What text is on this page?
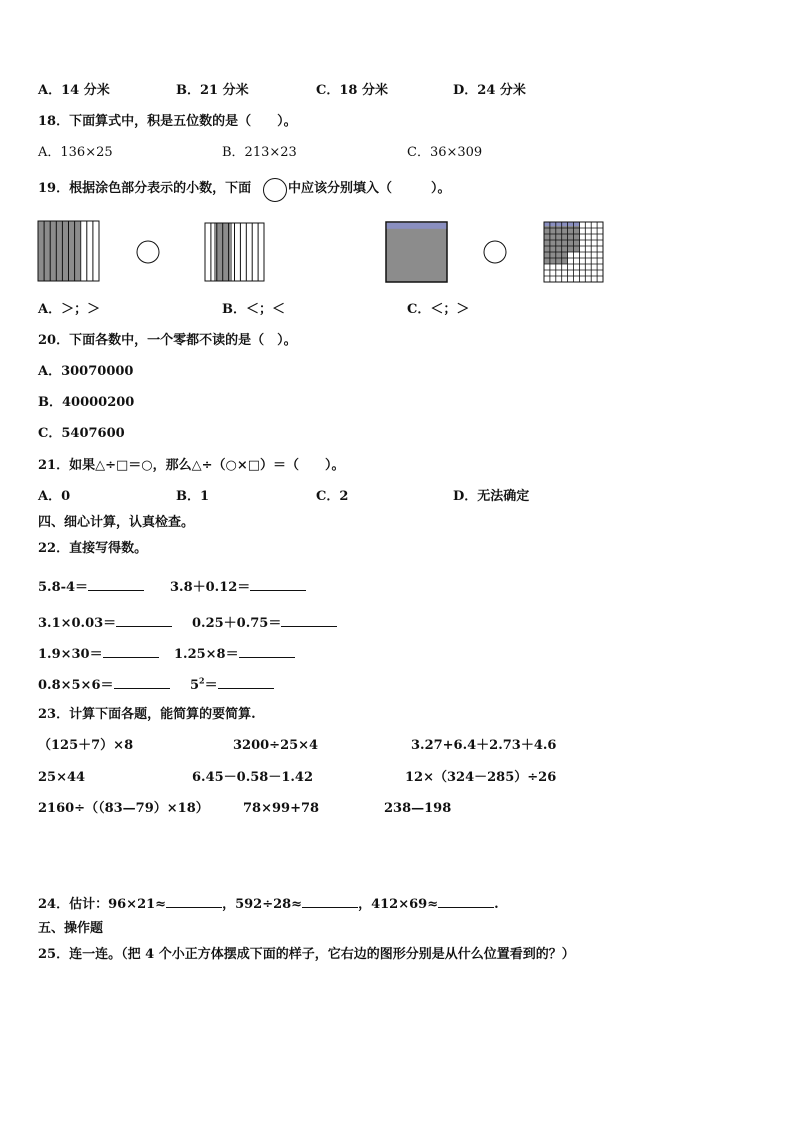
A．14 分米	B．21 分米	C．18 分米	D．24 分米
18．下面算式中，积是五位数的是（　　）。
A．136×25	B．213×23	C．36×309
19．根据涂色部分表示的小数，下面	中应该分别填入（　　　）。
A．＞；＞	B．＜；＜	C．＜；＞
20．下面各数中，一个零都不读的是（　）。
A．30070000
B．40000200
C．5407600
21．如果△÷□＝○，那么△÷（○×□）＝（　　）。
A．0	B．1	C．2	D．无法确定
四、细心计算，认真检查。
22．直接写得数。
5.8-4＝	3.8＋0.12＝
3.1×0.03＝	0.25＋0.75＝
1.9×30＝	1.25×8＝
0.8×5×6＝	$5^2=$
23．计算下面各题，能简算的要简算.
（125＋7）×8	3200÷25×4	3.27+6.4＋2.73＋4.6
25×44	6.45－0.58－1.42	12×（324－285）÷26
2160÷（（83—79）×18）	78×99+78	238—198
24．估计：96×21≈	，592÷28≈	，412×69≈	.
五、操作题
25．连一连。（把 4 个小正方体摆成下面的样子，它右边的图形分别是从什么位置看到的？）
